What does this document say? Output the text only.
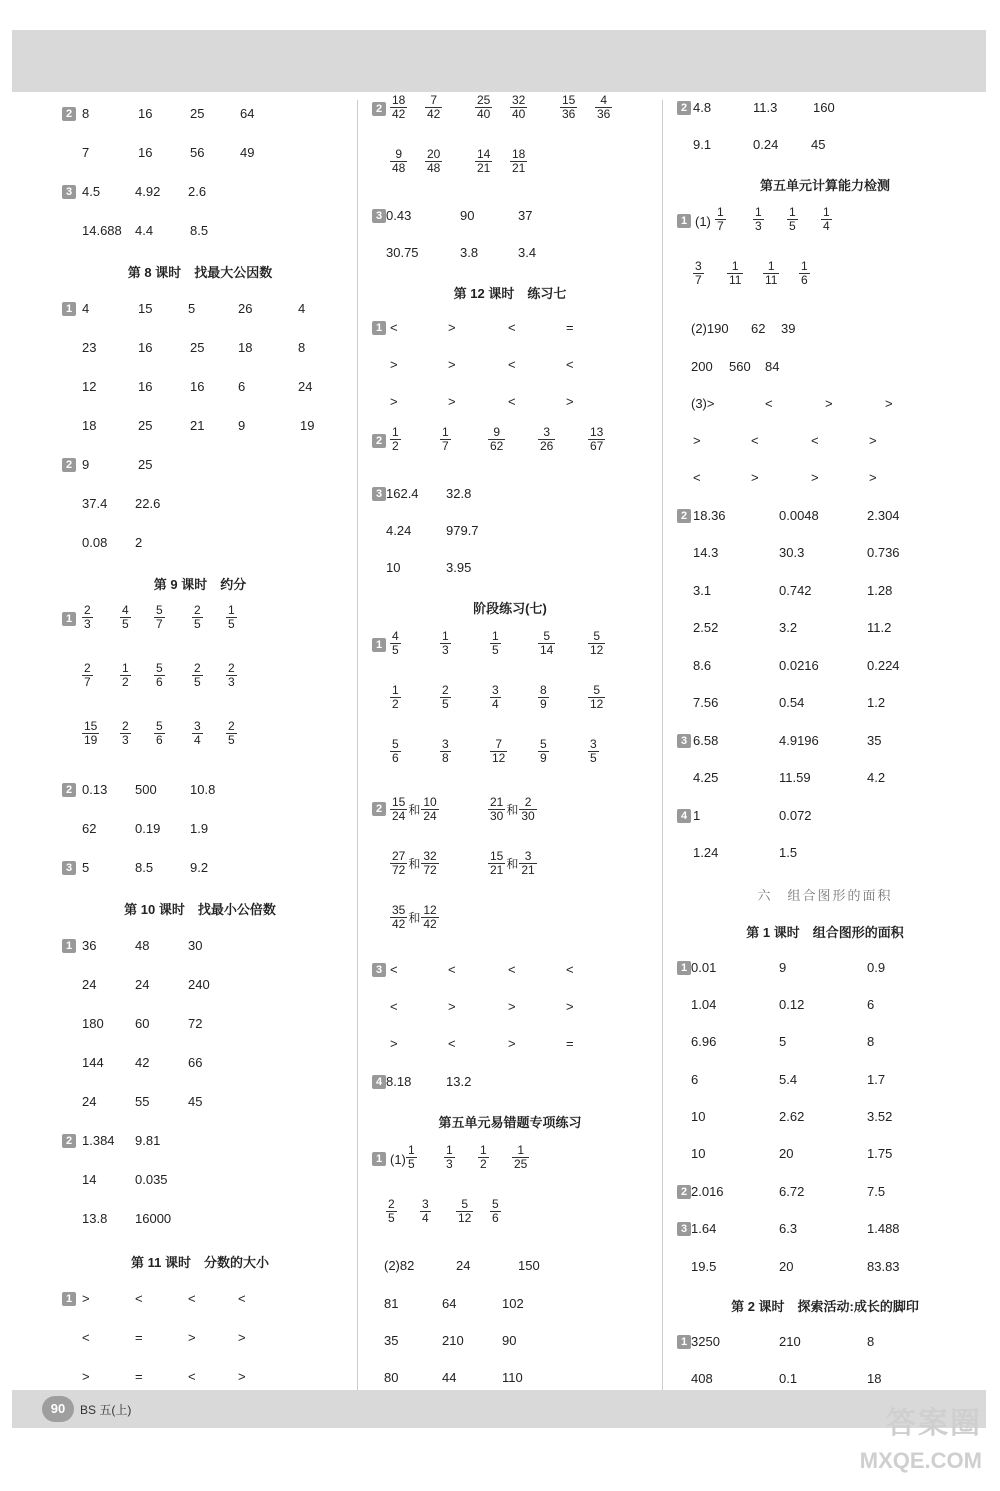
2 8	16	25	64
7	16	56	49
3 4.5	4.92 2.6
14.688 4.4	8.5
第 8 课时　找最大公因数
1 4	15	5	26	4
23	16	25	18	8
12	16	16	6	24
18	25	21	9	19
2 9	25
37.4 22.6
0.08 2
第 9 课时　约分
$1 \frac{2}{3} \frac{4}{5} \frac{5}{7} \frac{2}{5} \frac{1}{5}$
$\frac{2}{7} \frac{1}{2} \frac{5}{6} \frac{2}{5} \frac{2}{3}$
$\frac{15}{19} \frac{2}{3} \frac{5}{6} \frac{3}{4} \frac{2}{5}$
2 0.13 500	10.8
62	0.19 1.9
3 5	8.5	9.2
第 10 课时　找最小公倍数
1 36	48	30
24	24	240
180 60	72
144 42	66
24	55	45
2 1.384 9.81
14	0.035
13.8 16000
第 11 课时　分数的大小
1 >	<	<	<
<	=	>	>
>	=	<	>
$2 \frac{18}{42} \frac{7}{42}$	$\frac{25}{40} \frac{32}{40}$	$\frac{15}{36} \frac{4}{36}$
$\frac{9}{48} \frac{20}{48}$	$\frac{14}{21} \frac{18}{21}$
3 0.43	90	37
30.75	3.8	3.4
第 12 课时　练习七
1 <	>	<	=
>	>	<	<
>	>	<	>
$2 \frac{1}{2}$	$\frac{1}{7}$	$\frac{9}{62}$	$\frac{3}{26}$	$\frac{13}{67}$
3 162.4 32.8
4.24	979.7
10	3.95
阶段练习(七)
$1 \frac{4}{5}$	$\frac{1}{3}$	$\frac{1}{5}$	$\frac{5}{14}$	$\frac{5}{12}$
$\frac{1}{2}$	$\frac{2}{5}$	$\frac{3}{4}$	$\frac{8}{9}$	$\frac{5}{12}$
$\frac{5}{6}$	$\frac{3}{8}$	$\frac{7}{12}$	$\frac{5}{9}$	$\frac{3}{5}$
$2 \frac{15}{24}$ 和 $\frac{10}{24}$	$\frac{21}{30}$ 和 $\frac{2}{30}$
$\frac{27}{72}$ 和 $\frac{32}{72}$	$\frac{15}{21}$ 和 $\frac{3}{21}$
$\frac{35}{42}$ 和 $\frac{12}{42}$
3 <	<	<	<
<	>	>	>
>	<	>	=
4 8.18	13.2
第五单元易错题专项练习
1 $(1) \frac{1}{5} \frac{1}{3} \frac{1}{2} \frac{1}{25}$
$\frac{2}{5} \frac{3}{4} \frac{5}{12} \frac{5}{6}$
(2)82	24	150
81	64	102
35	210	90
80	44	110
2 4.8	11.3	160
9.1	0.24	45
第五单元计算能力检测
1 $(1) \frac{1}{7} \frac{1}{3} \frac{1}{5} \frac{1}{4}$
$\frac{3}{7} \frac{1}{11} \frac{1}{11} \frac{1}{6}$
(2)190 62 39
200 560 84
(3)>	<	>	>
>	<	<	>
<	>	>	>
2 18.36	0.0048	2.304
14.3	30.3	0.736
3.1	0.742	1.28
2.52	3.2	11.2
8.6	0.0216	0.224
7.56	0.54	1.2
3 6.58	4.9196	35
4.25	11.59	4.2
4 1	0.072
1.24	1.5
六　组合图形的面积
第 1 课时　组合图形的面积
1 0.01	9	0.9
1.04	0.12	6
6.96	5	8
6	5.4	1.7
10	2.62	3.52
10	20	1.75
2 2.016	6.72	7.5
3 1.64	6.3	1.488
19.5	20	83.83
第 2 课时　探索活动:成长的脚印
1 3250	210	8
408	0.1	18
90	BS 五(上)	答案圈
MXQE.COM
